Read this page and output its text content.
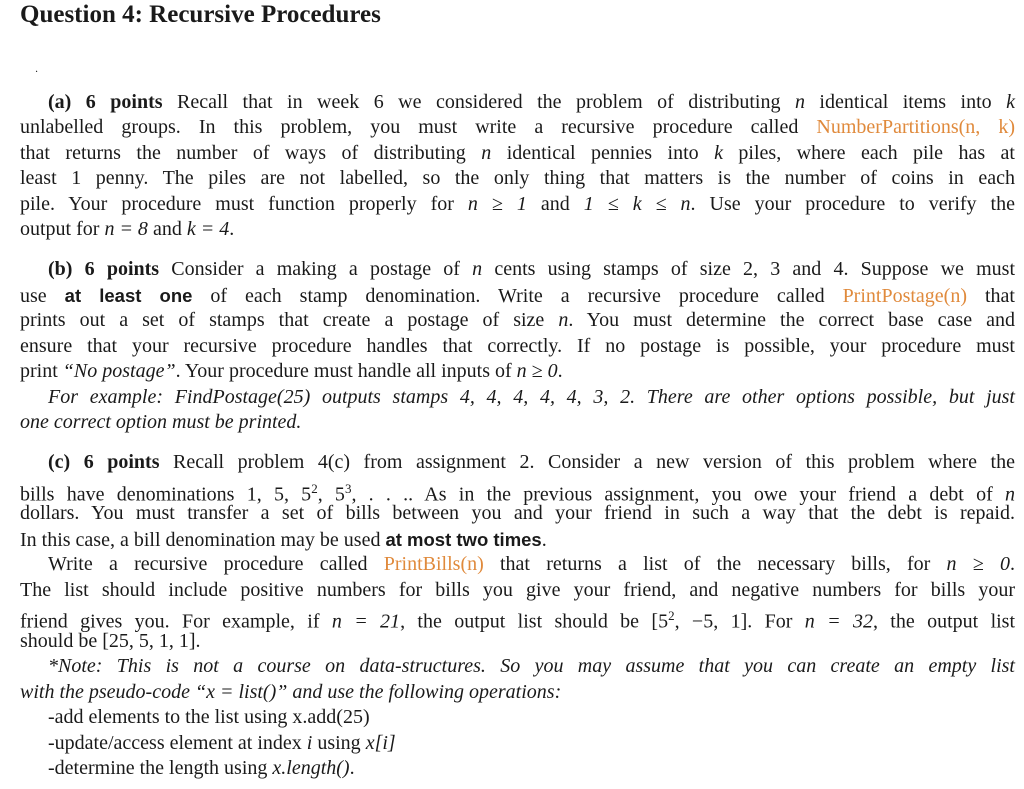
Question 4: Recursive Procedures
·
(a) 6 points Recall that in week 6 we considered the problem of distributing n identical items into k
unlabelled groups. In this problem, you must write a recursive procedure called NumberPartitions(n, k)
that returns the number of ways of distributing n identical pennies into k piles, where each pile has at
least 1 penny. The piles are not labelled, so the only thing that matters is the number of coins in each
pile. Your procedure must function properly for n ≥ 1 and 1 ≤ k ≤ n. Use your procedure to verify the
output for n = 8 and k = 4.
(b) 6 points Consider a making a postage of n cents using stamps of size 2, 3 and 4. Suppose we must
use at least one of each stamp denomination. Write a recursive procedure called PrintPostage(n) that
prints out a set of stamps that create a postage of size n. You must determine the correct base case and
ensure that your recursive procedure handles that correctly. If no postage is possible, your procedure must
print “No postage”. Your procedure must handle all inputs of n ≥ 0.
For example: FindPostage(25) outputs stamps 4, 4, 4, 4, 4, 3, 2. There are other options possible, but just
one correct option must be printed.
(c) 6 points Recall problem 4(c) from assignment 2. Consider a new version of this problem where the
bills have denominations 1, 5, $5^2$, $5^3$, . . .. As in the previous assignment, you owe your friend a debt of n
dollars. You must transfer a set of bills between you and your friend in such a way that the debt is repaid.
In this case, a bill denomination may be used at most two times.
Write a recursive procedure called PrintBills(n) that returns a list of the necessary bills, for n ≥ 0.
The list should include positive numbers for bills you give your friend, and negative numbers for bills your
friend gives you. For example, if n = 21, the output list should be [$5^2$, −5, 1]. For n = 32, the output list
should be [25, 5, 1, 1].
*Note: This is not a course on data-structures. So you may assume that you can create an empty list
with the pseudo-code “x = list()” and use the following operations:
-add elements to the list using x.add(25)
-update/access element at index i using x[i]
-determine the length using x.length().
